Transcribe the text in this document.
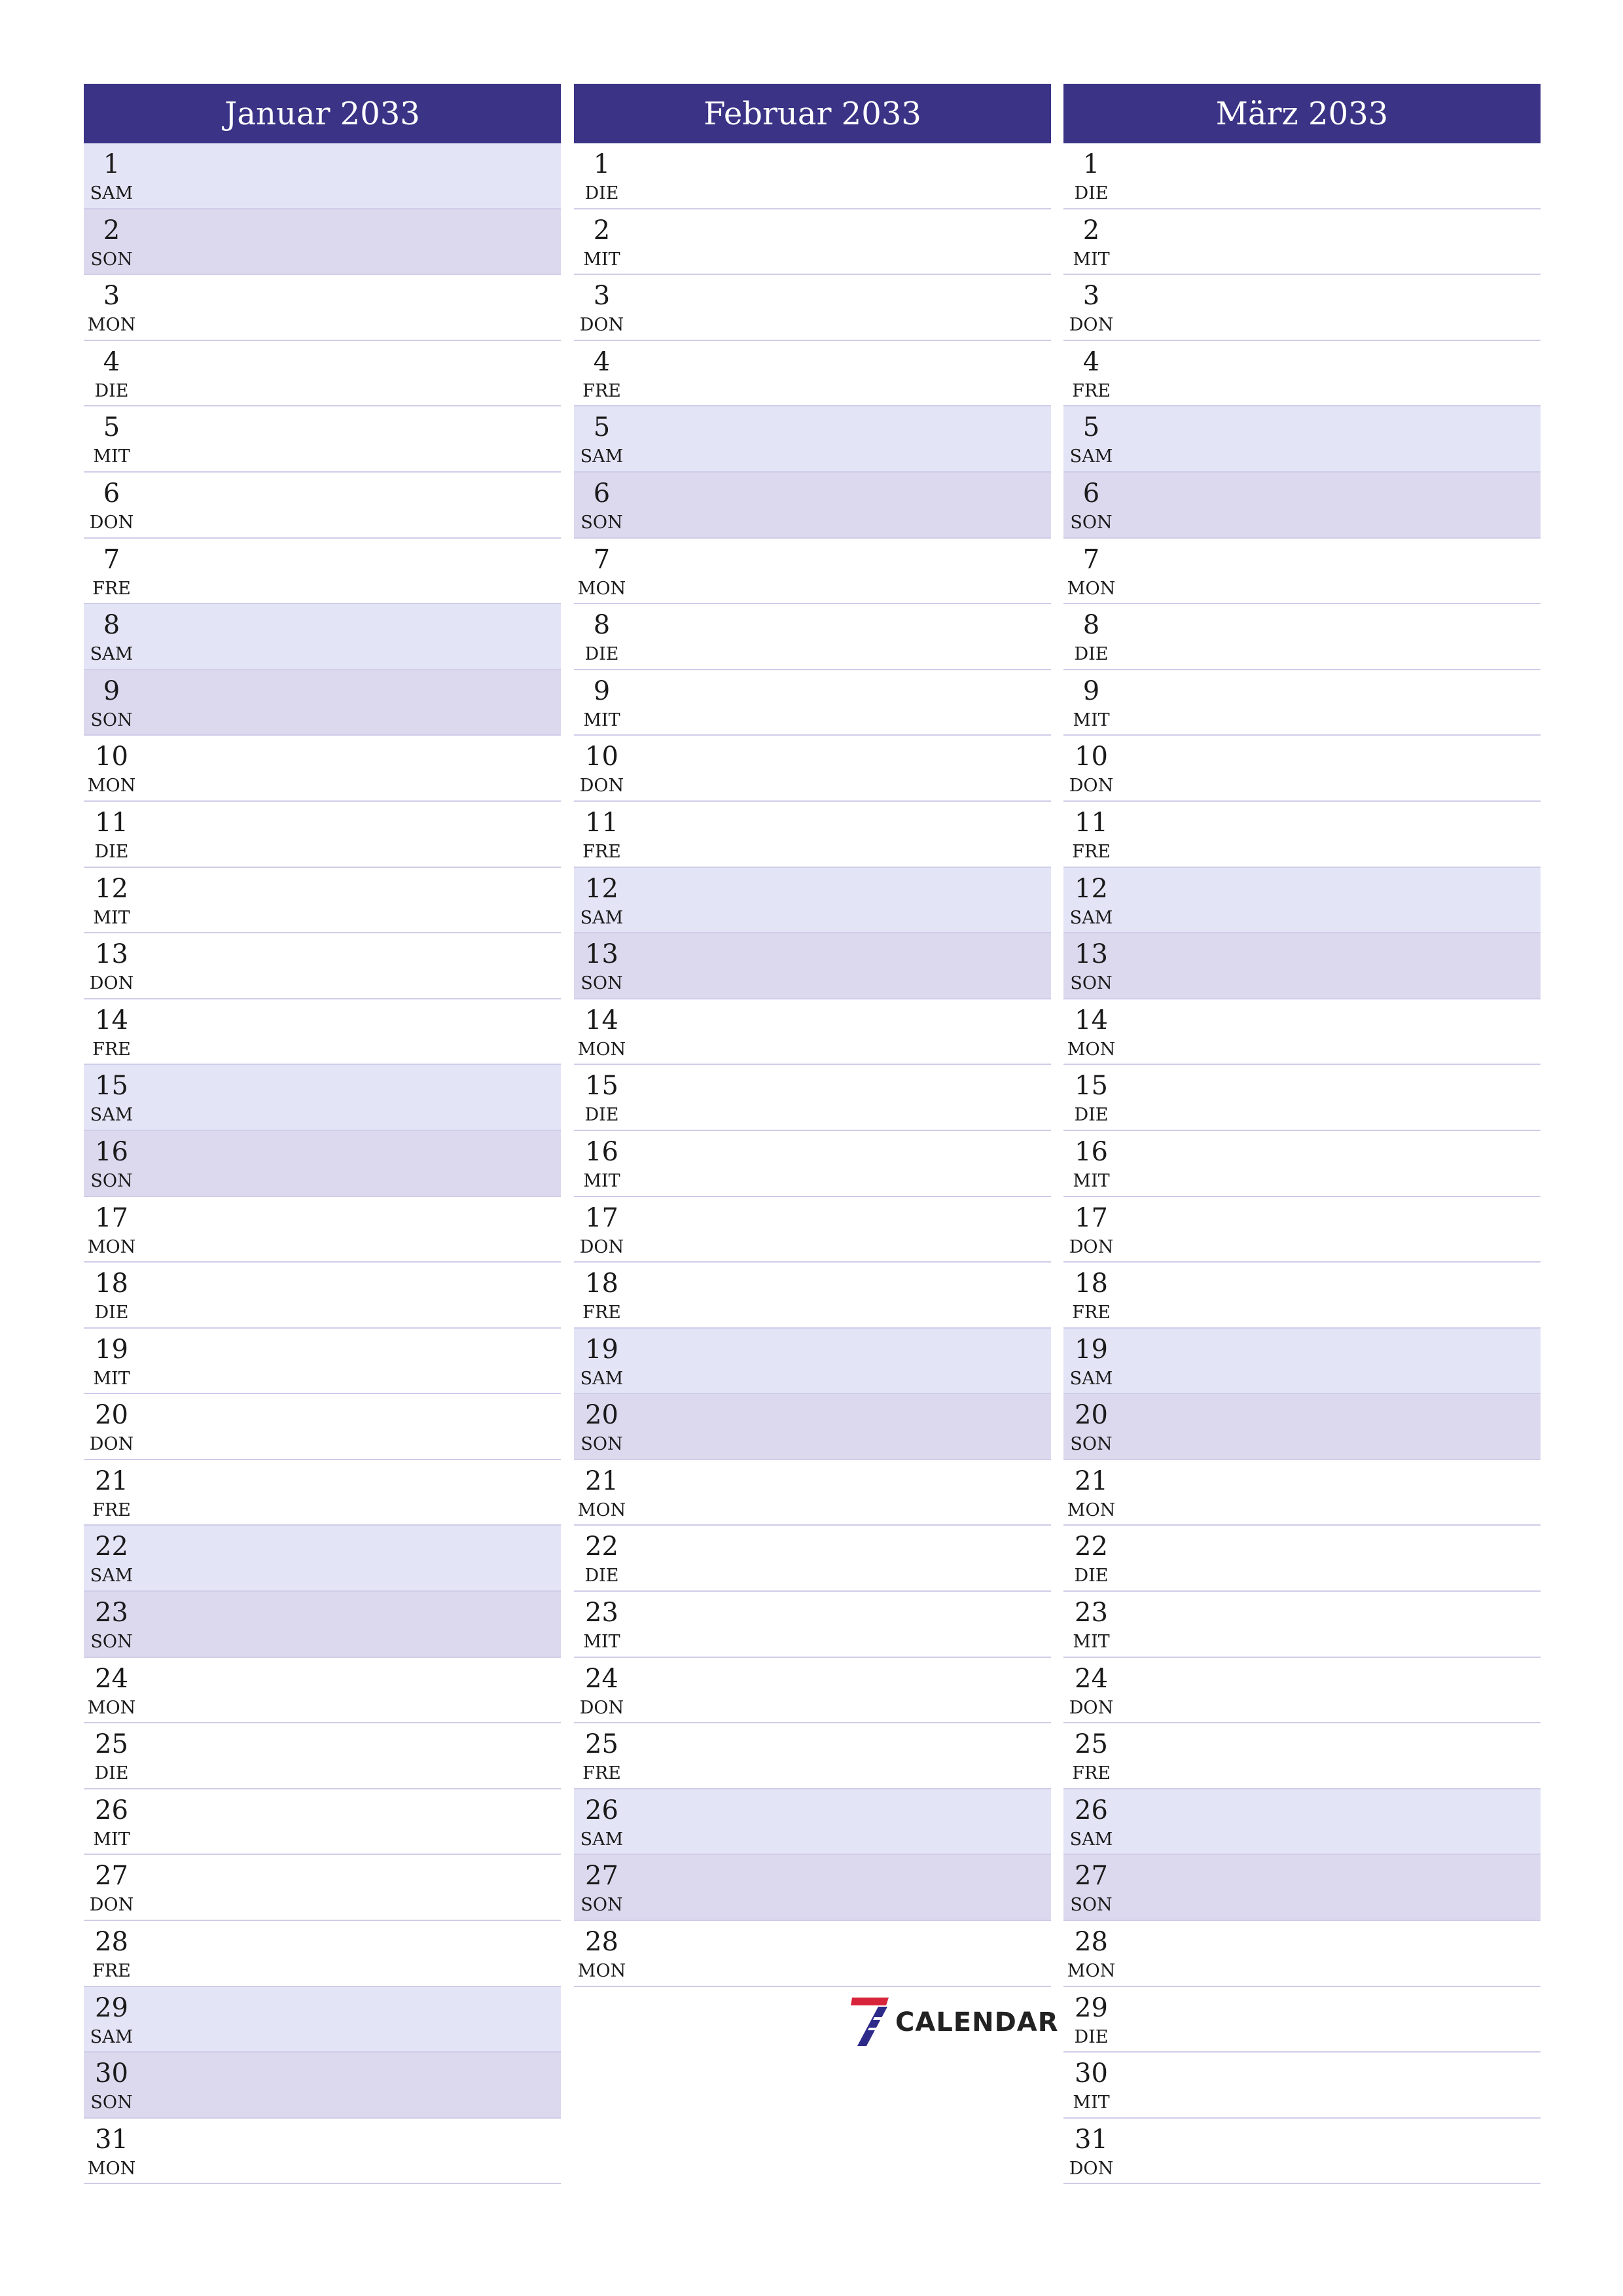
Januar 2033
1
SAM
2
SON
3
MON
4
DIE
5
MIT
6
DON
7
FRE
8
SAM
9
SON
10
MON
11
DIE
12
MIT
13
DON
14
FRE
15
SAM
16
SON
17
MON
18
DIE
19
MIT
20
DON
21
FRE
22
SAM
23
SON
24
MON
25
DIE
26
MIT
27
DON
28
FRE
29
SAM
30
SON
31
MON
Februar 2033
1
DIE
2
MIT
3
DON
4
FRE
5
SAM
6
SON
7
MON
8
DIE
9
MIT
10
DON
11
FRE
12
SAM
13
SON
14
MON
15
DIE
16
MIT
17
DON
18
FRE
19
SAM
20
SON
21
MON
22
DIE
23
MIT
24
DON
25
FRE
26
SAM
27
SON
28
MON
März 2033
1
DIE
2
MIT
3
DON
4
FRE
5
SAM
6
SON
7
MON
8
DIE
9
MIT
10
DON
11
FRE
12
SAM
13
SON
14
MON
15
DIE
16
MIT
17
DON
18
FRE
19
SAM
20
SON
21
MON
22
DIE
23
MIT
24
DON
25
FRE
26
SAM
27
SON
28
MON
29
DIE
30
MIT
31
DON
CALENDAR
